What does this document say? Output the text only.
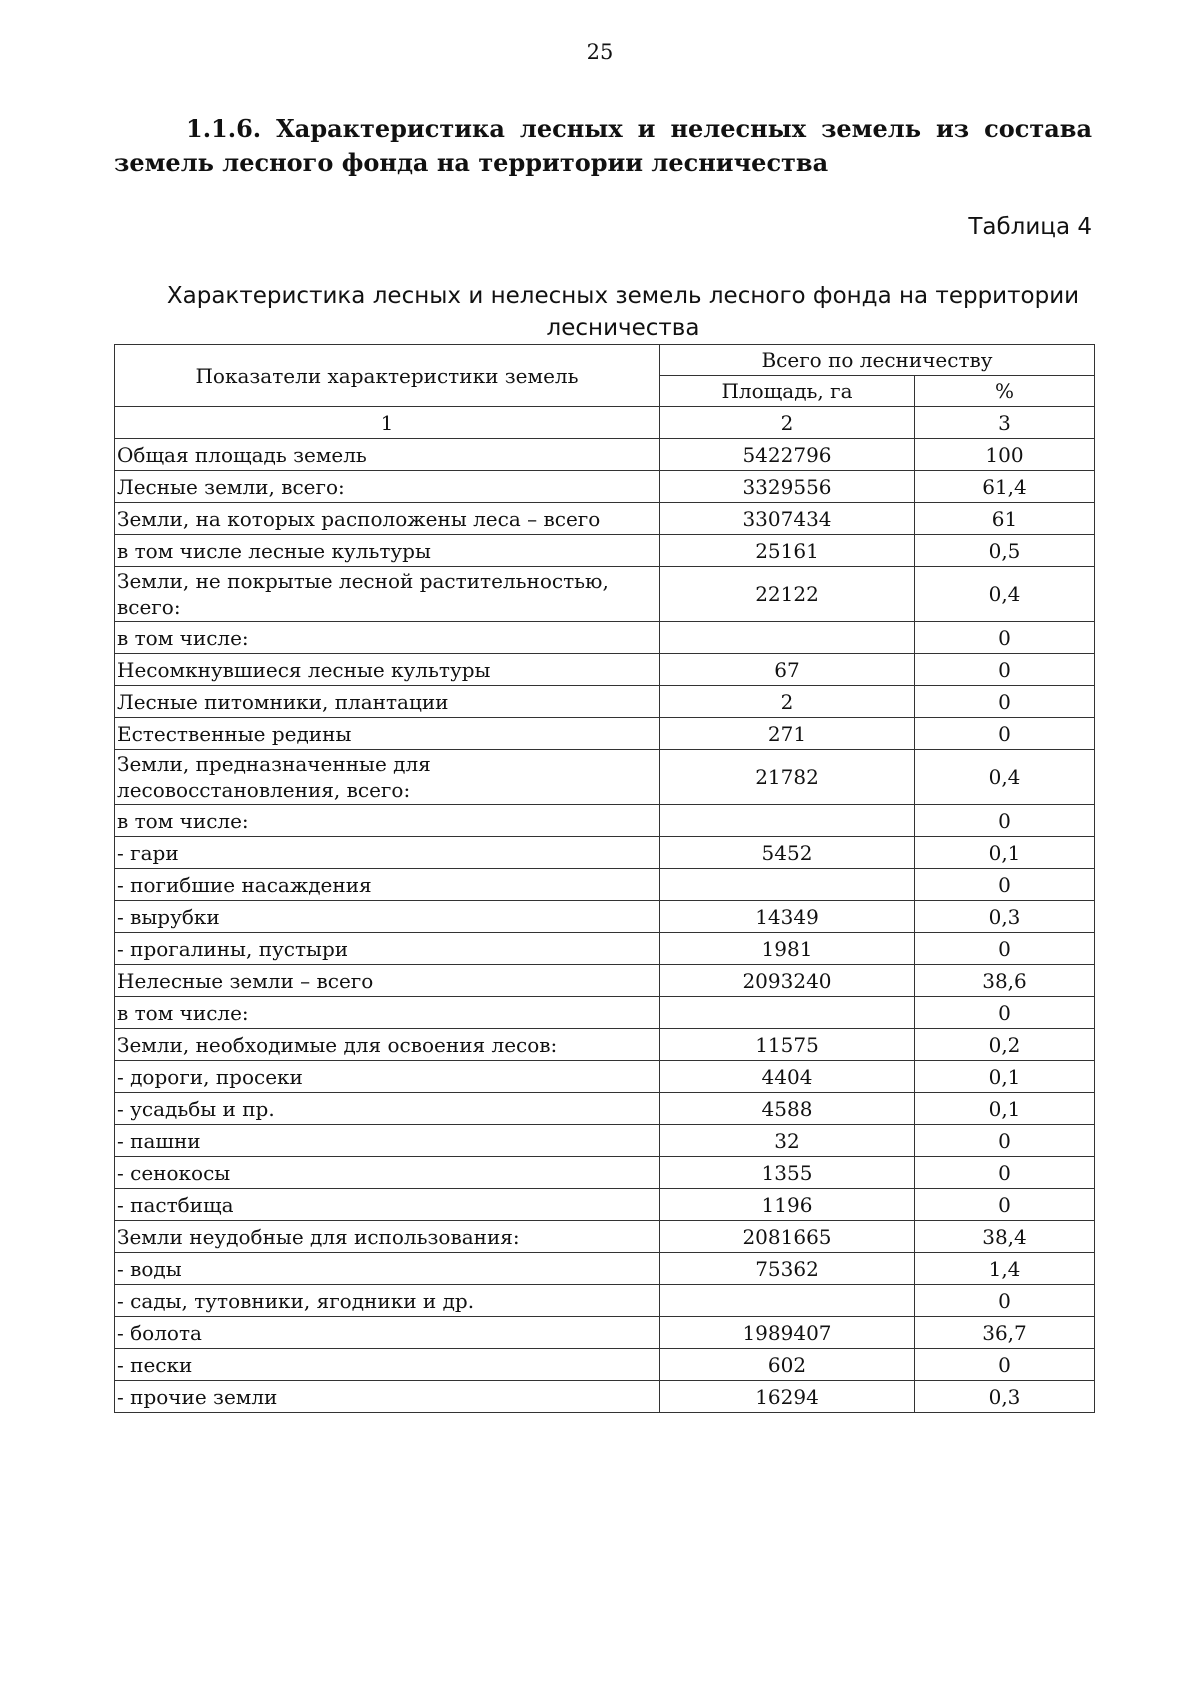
25
1.1.6. Характеристика лесных и нелесных земель из состава земель лесного фонда на территории лесничества
Таблица 4
Характеристика лесных и нелесных земель лесного фонда на территории лесничества
Показатели характеристики земель	Всего по лесничеству	
	Площадь, га	%
1	2	3
Общая площадь земель	5422796	100
Лесные земли, всего:	3329556	61,4
Земли, на которых расположены леса – всего	3307434	61
в том числе лесные культуры	25161	0,5
Земли, не покрытые лесной растительностью, всего:	22122	0,4
в том числе:		0
Несомкнувшиеся лесные культуры	67	0
Лесные питомники, плантации	2	0
Естественные редины	271	0
Земли, предназначенные для лесовосстановления, всего:	21782	0,4
в том числе:		0
- гари	5452	0,1
- погибшие насаждения		0
- вырубки	14349	0,3
- прогалины, пустыри	1981	0
Нелесные земли – всего	2093240	38,6
в том числе:		0
Земли, необходимые для освоения лесов:	11575	0,2
- дороги, просеки	4404	0,1
- усадьбы и пр.	4588	0,1
- пашни	32	0
- сенокосы	1355	0
- пастбища	1196	0
Земли неудобные для использования:	2081665	38,4
- воды	75362	1,4
- сады, тутовники, ягодники и др.		0
- болота	1989407	36,7
- пески	602	0
- прочие земли	16294	0,3
